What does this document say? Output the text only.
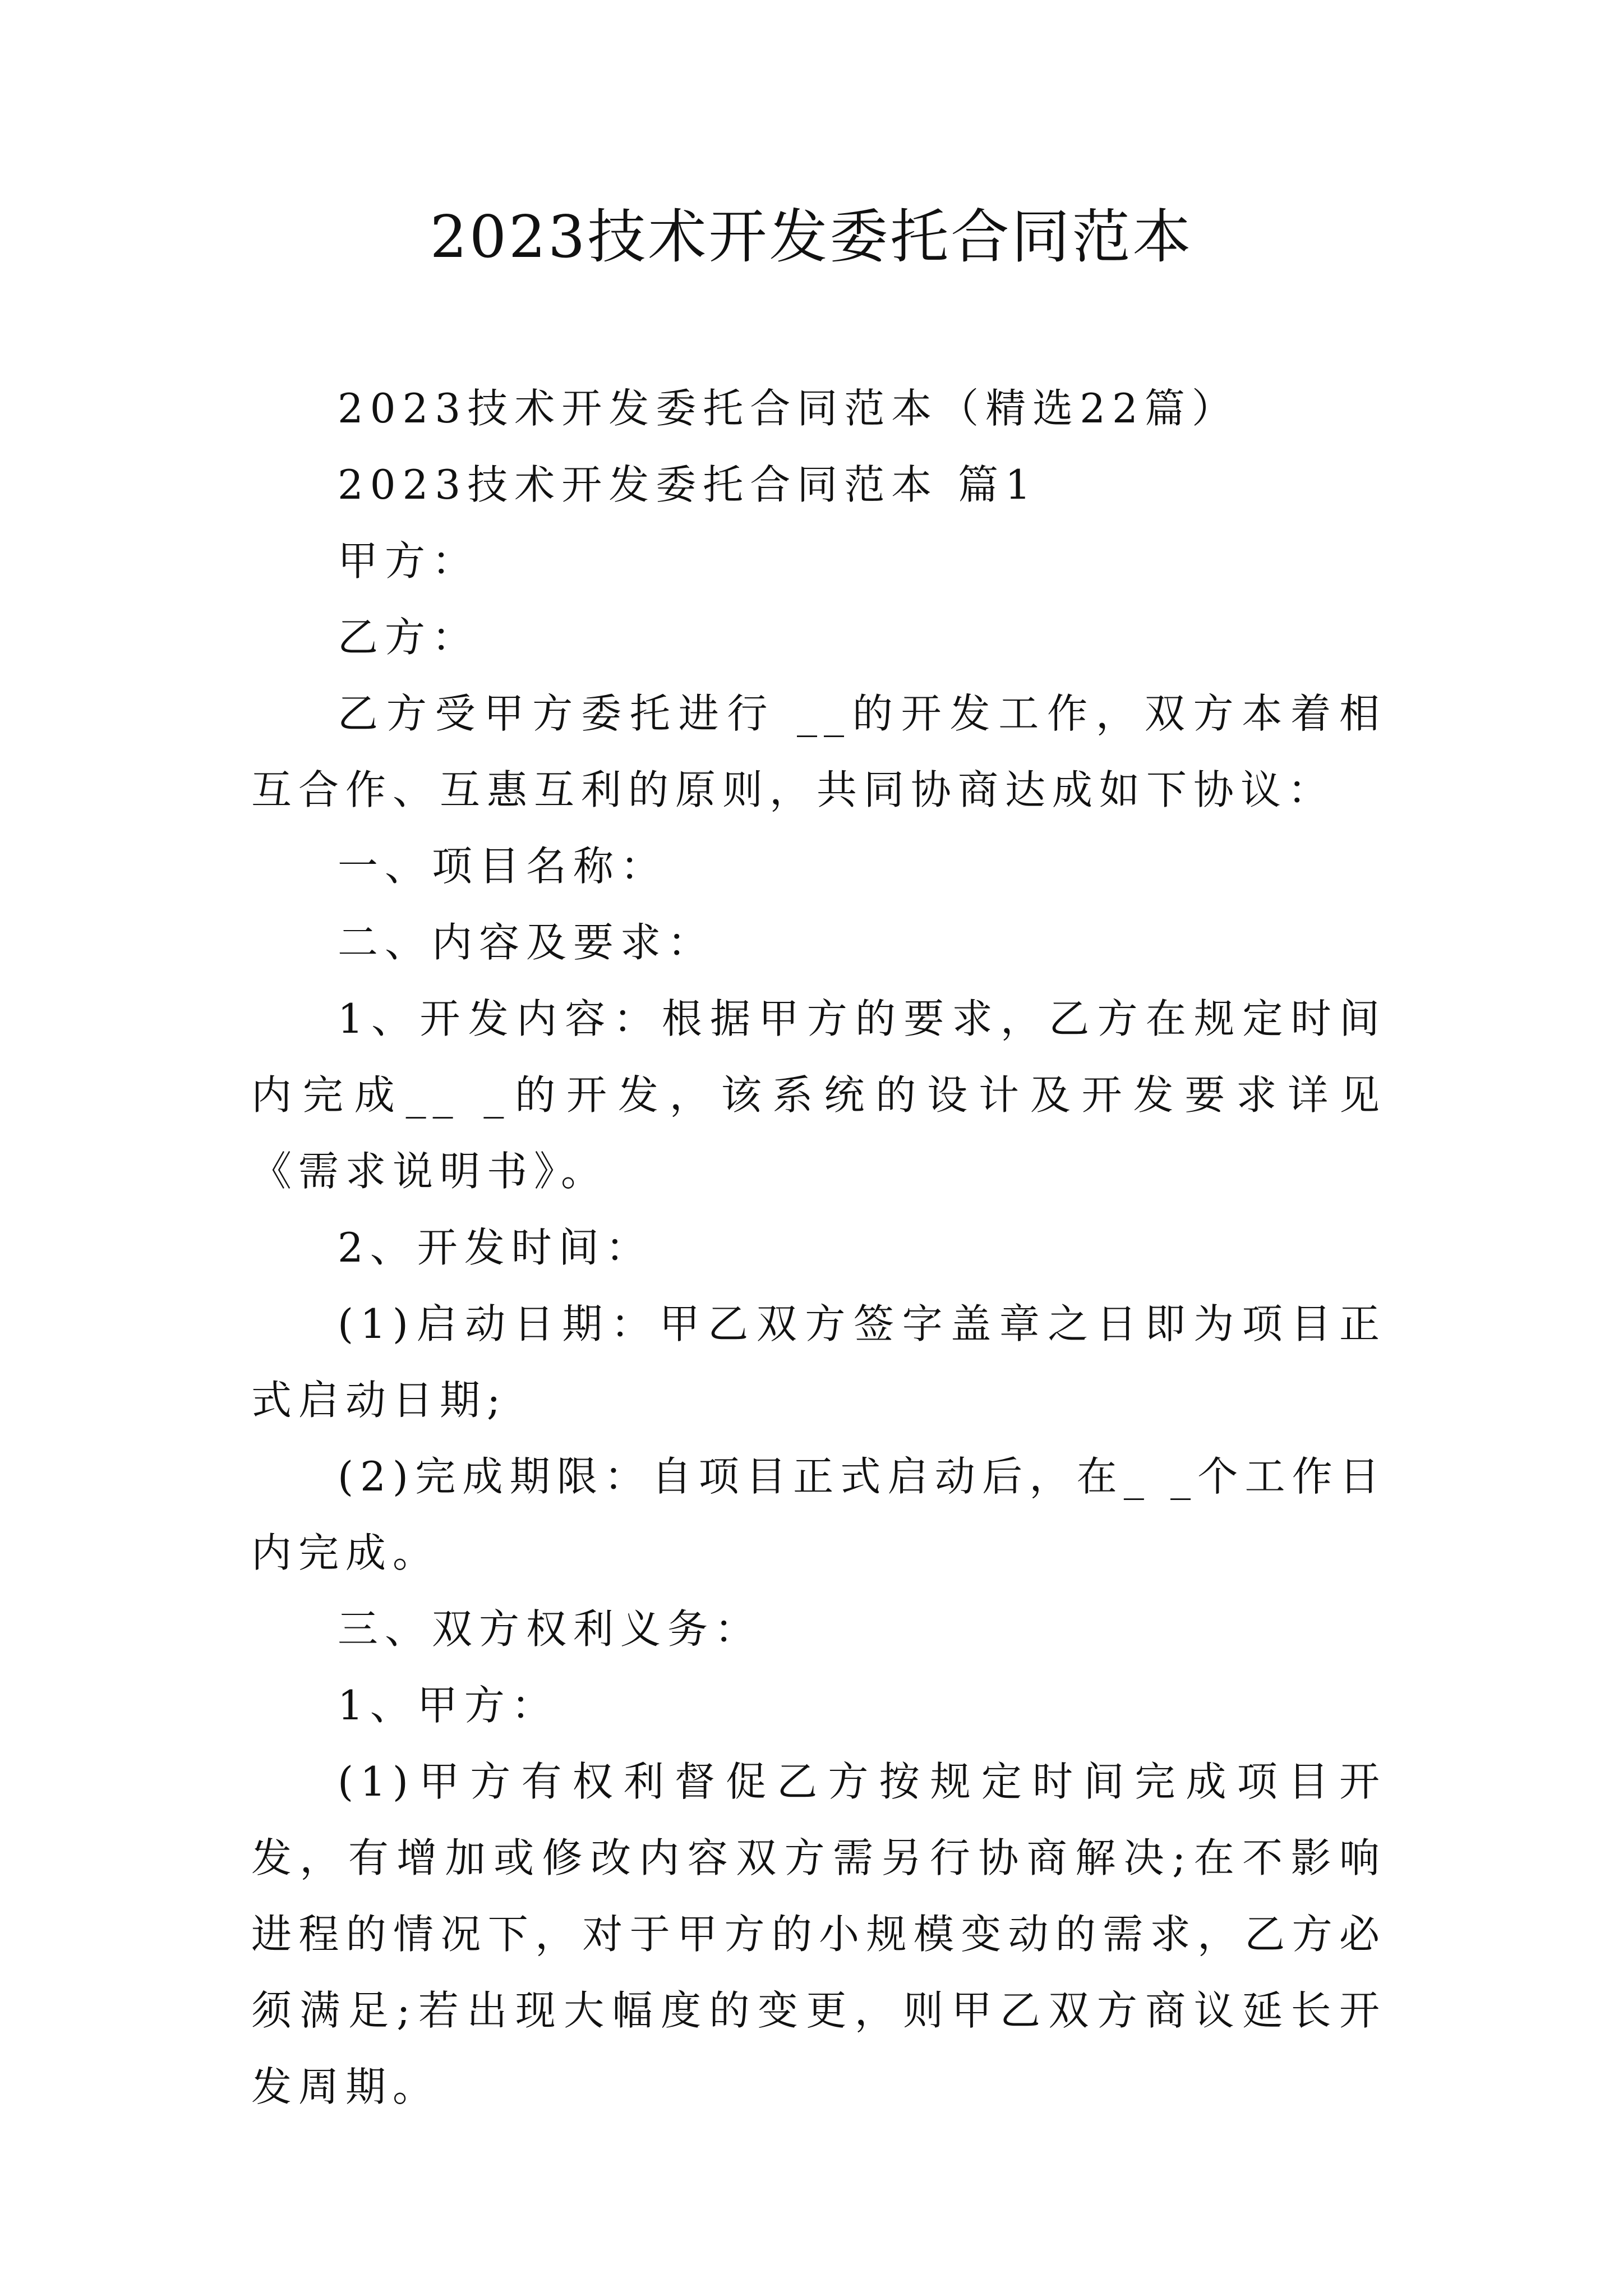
2023技术开发委托合同范本

2023技术开发委托合同范本（精选22篇）

2023技术开发委托合同范本 篇1

甲方：

乙方：

乙方受甲方委托进行 __的开发工作，双方本着相互合作、互惠互利的原则，共同协商达成如下协议：

一、项目名称：

二、内容及要求：

1、开发内容：根据甲方的要求，乙方在规定时间内完成__ _的开发，该系统的设计及开发要求详见《需求说明书》。

2、开发时间：

(1)启动日期：甲乙双方签字盖章之日即为项目正式启动日期;

(2)完成期限：自项目正式启动后，在_ _个工作日内完成。

三、双方权利义务：

1、甲方：

(1)甲方有权利督促乙方按规定时间完成项目开发，有增加或修改内容双方需另行协商解决;在不影响进程的情况下，对于甲方的小规模变动的需求，乙方必须满足;若出现大幅度的变更，则甲乙双方商议延长开发周期。
